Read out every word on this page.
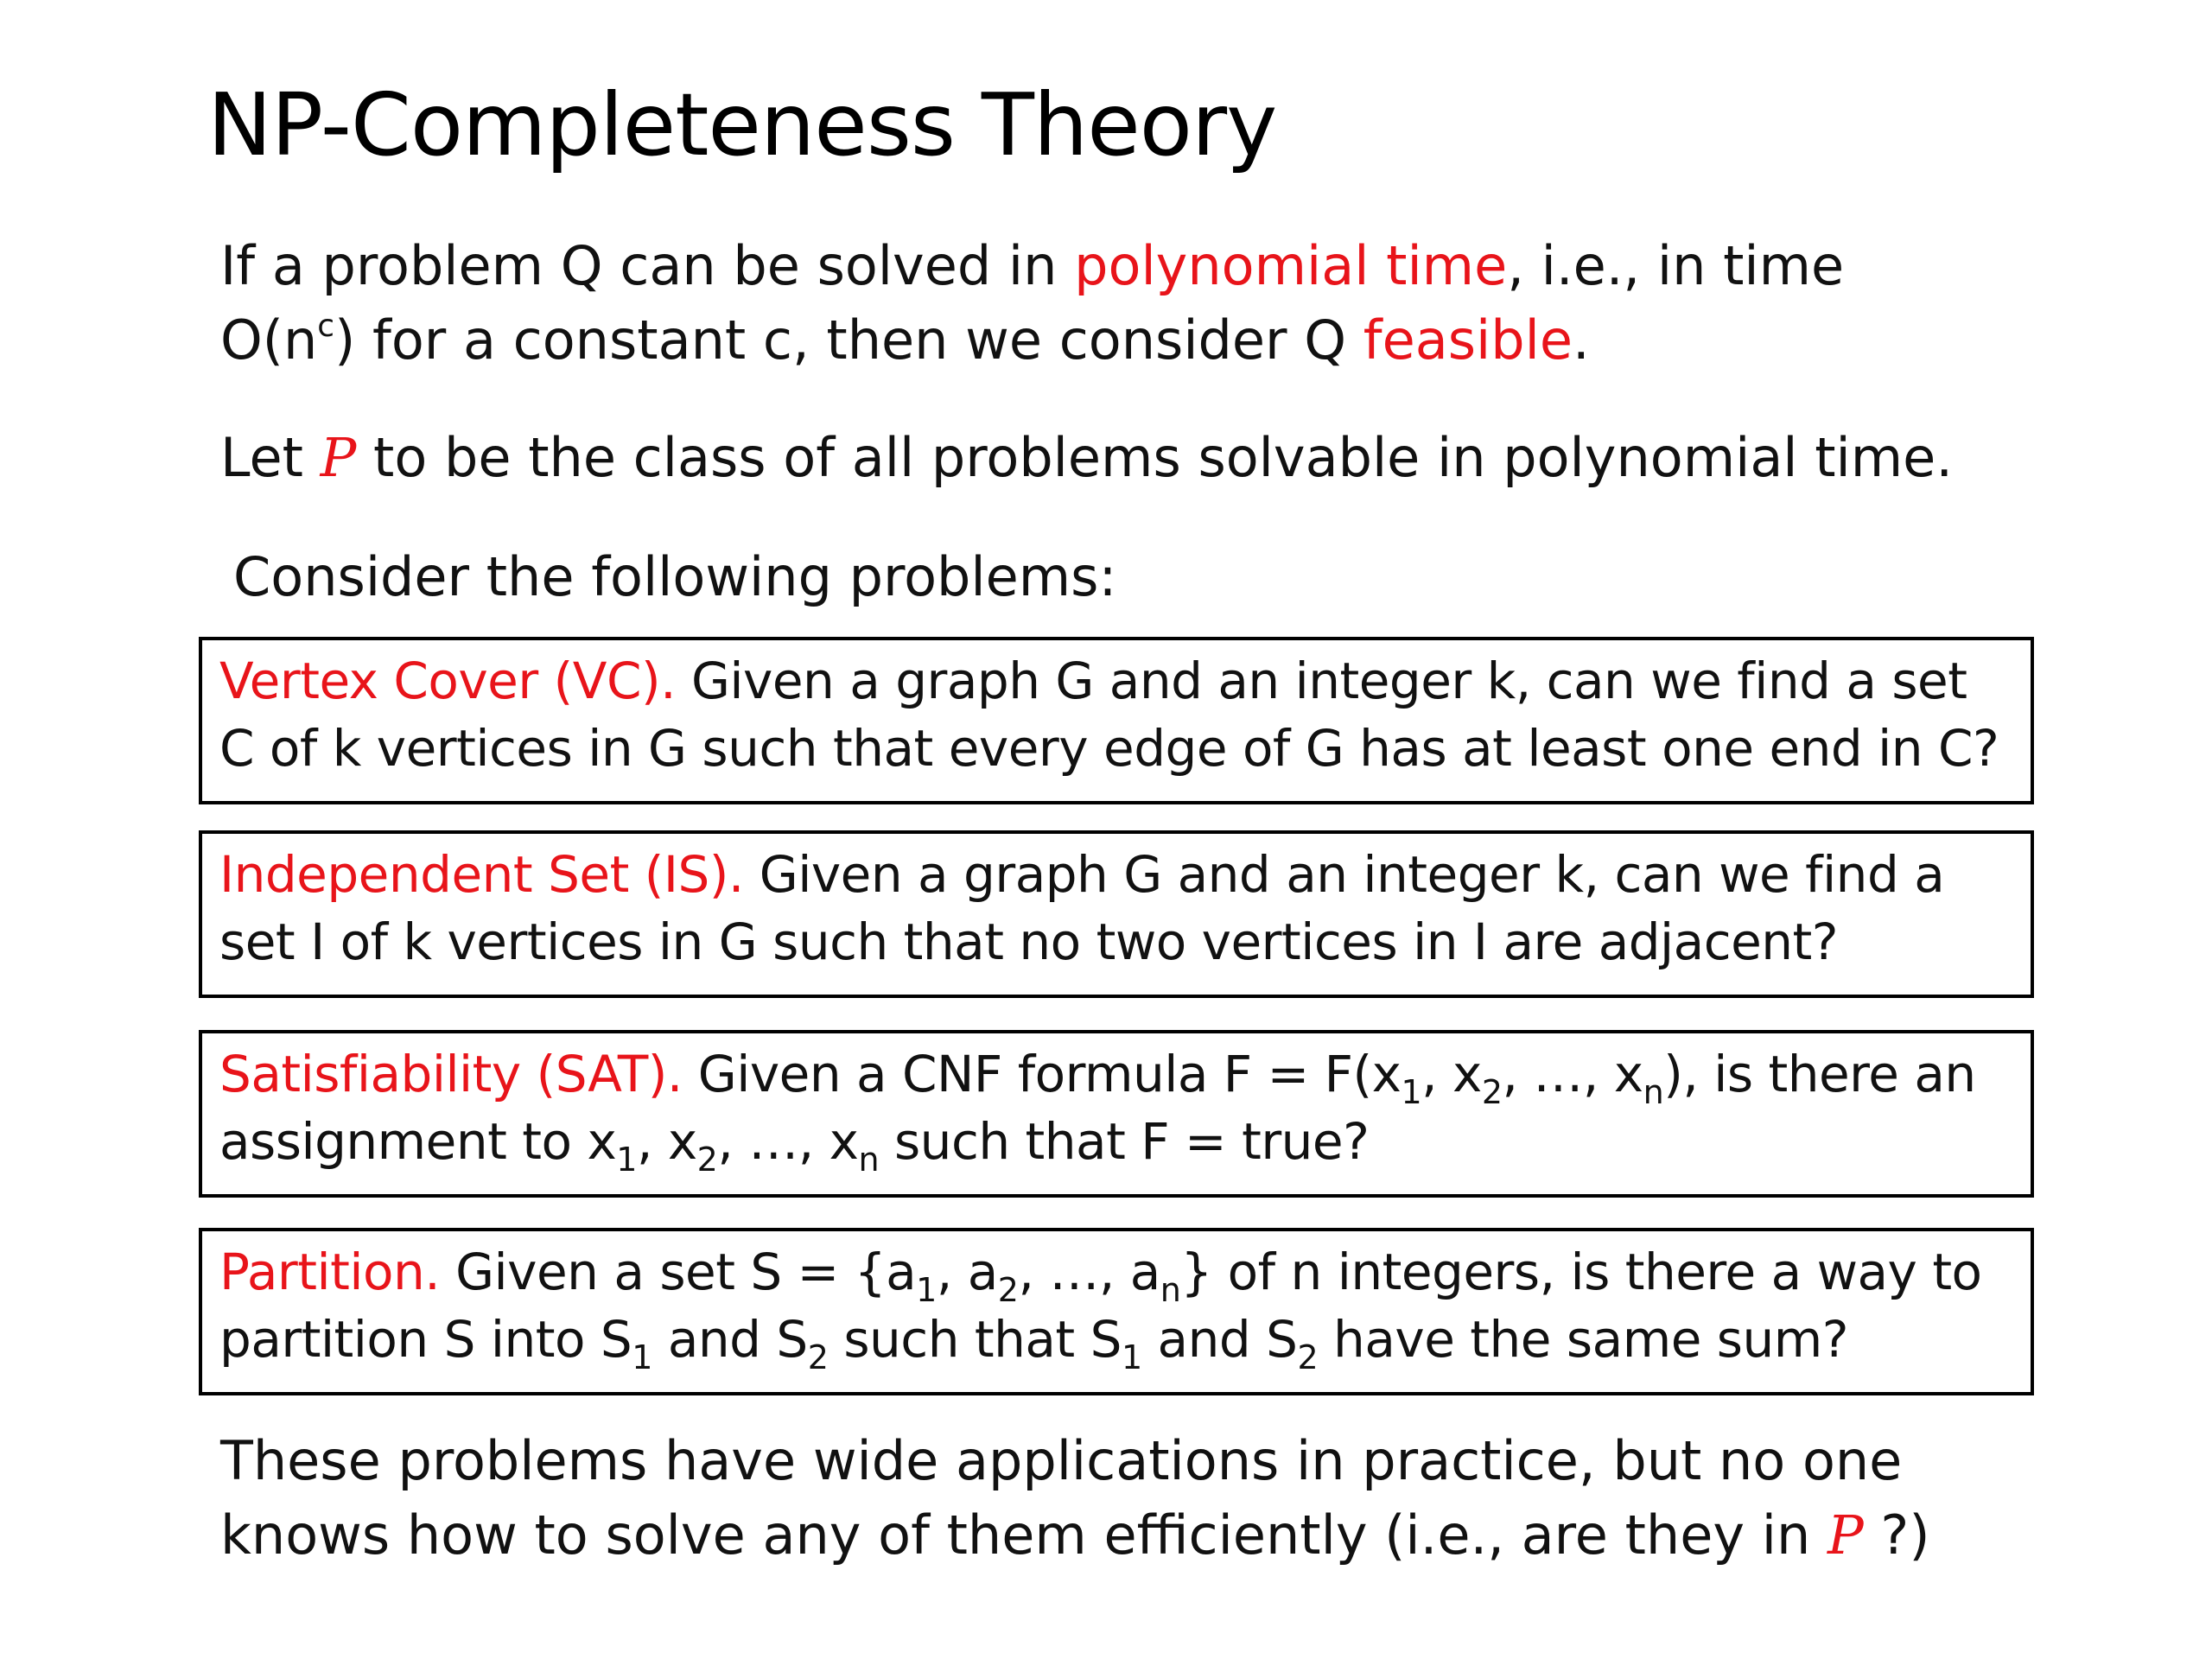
NP-Completeness Theory
If a problem Q can be solved in polynomial time, i.e., in time
$O(n^c)$ for a constant c, then we consider Q feasible.
Let P to be the class of all problems solvable in polynomial time.
Consider the following problems:
Vertex Cover (VC). Given a graph G and an integer k, can we find a set
C of k vertices in G such that every edge of G has at least one end in C?
Independent Set (IS). Given a graph G and an integer k, can we find a
set I of k vertices in G such that no two vertices in I are adjacent?
Satisfiability (SAT). Given a CNF formula $F = F(x_1$, $x_2$, …, $x_n$), is there an
assignment to $x_1$, $x_2$, …, $x_n$ such that F = true?
Partition. Given a set $S = \{a_1$, $a_2$, …, $a_n$} of n integers, is there a way to
partition S into $S_1$ and $S_2$ such that $S_1$ and $S_2$ have the same sum?
These problems have wide applications in practice, but no one
knows how to solve any of them efficiently (i.e., are they in P ?)
